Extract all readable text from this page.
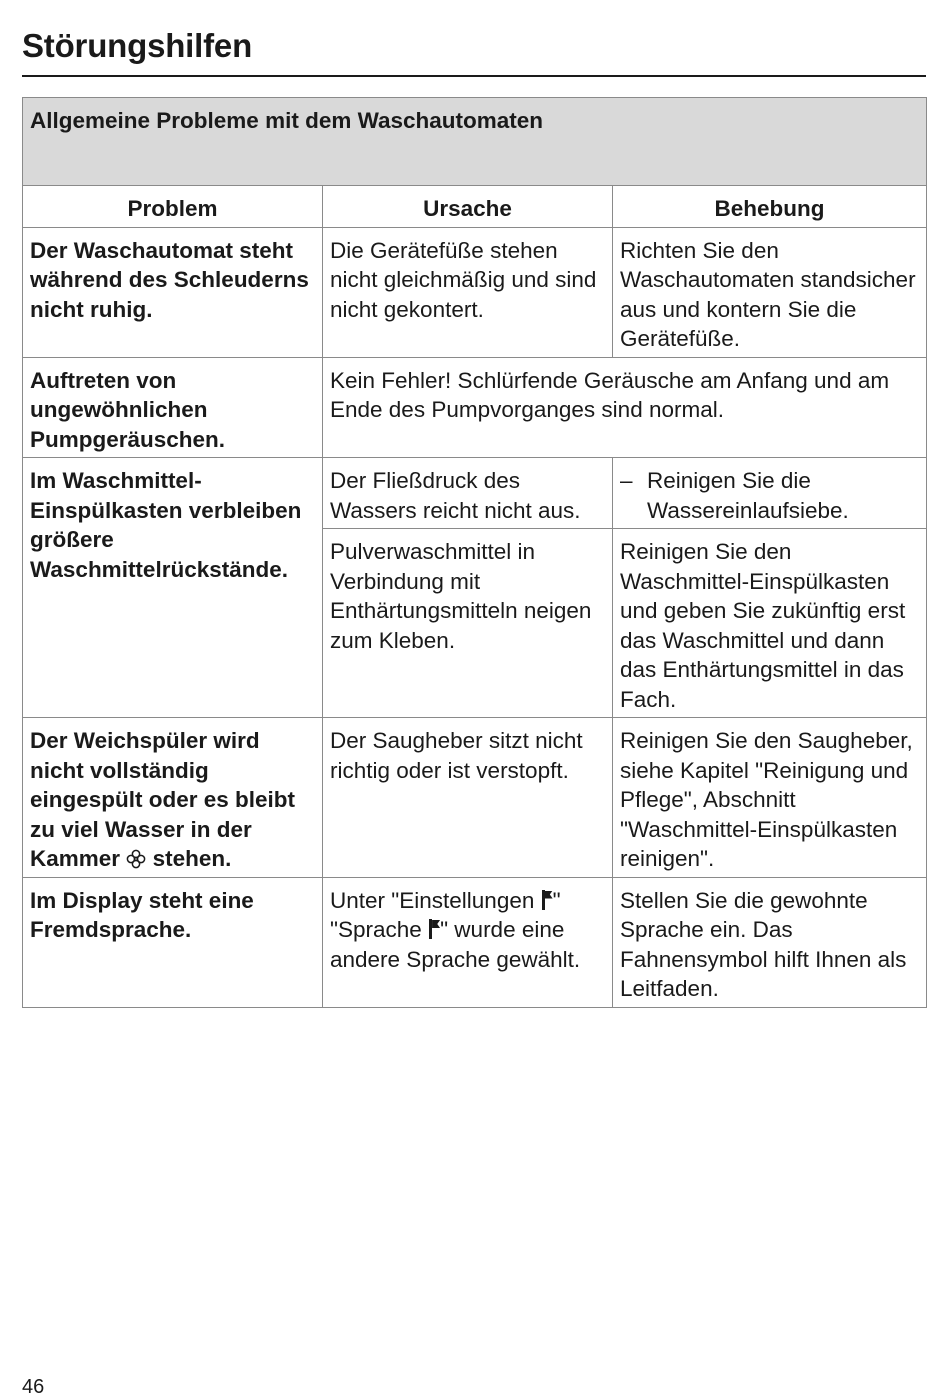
Störungshilfen
Allgemeine Probleme mit dem Waschautomaten		
Problem	Ursache	Behebung
Der Waschautomat steht während des Schleuderns nicht ruhig.	Die Gerätefüße stehen nicht gleichmäßig und sind nicht gekontert.	Richten Sie den Waschautomaten standsicher aus und kontern Sie die Gerätefüße.
Auftreten von ungewöhnlichen Pumpgeräuschen.	Kein Fehler! Schlürfende Geräusche am Anfang und am Ende des Pumpvorganges sind normal.	
Im Waschmittel-Einspülkasten verbleiben größere Waschmittelrückstände.	Der Fließdruck des Wassers reicht nicht aus.	– Reinigen Sie die Wassereinlaufsiebe.

	Pulverwaschmittel in Verbindung mit Enthärtungsmitteln neigen zum Kleben.	Reinigen Sie den Waschmittel-Einspülkasten und geben Sie zukünftig erst das Waschmittel und dann das Enthärtungsmittel in das Fach.
Der Weichspüler wird nicht vollständig eingespült oder es bleibt zu viel Wasser in der Kammer stehen.	Der Saugheber sitzt nicht richtig oder ist verstopft.	Reinigen Sie den Saugheber, siehe Kapitel "Reinigung und Pflege", Abschnitt "Waschmittel-Einspülkasten reinigen".
Im Display steht eine Fremdsprache.	Unter "Einstellungen " "Sprache " wurde eine andere Sprache gewählt.	Stellen Sie die gewohnte Sprache ein. Das Fahnensymbol hilft Ihnen als Leitfaden.
46
